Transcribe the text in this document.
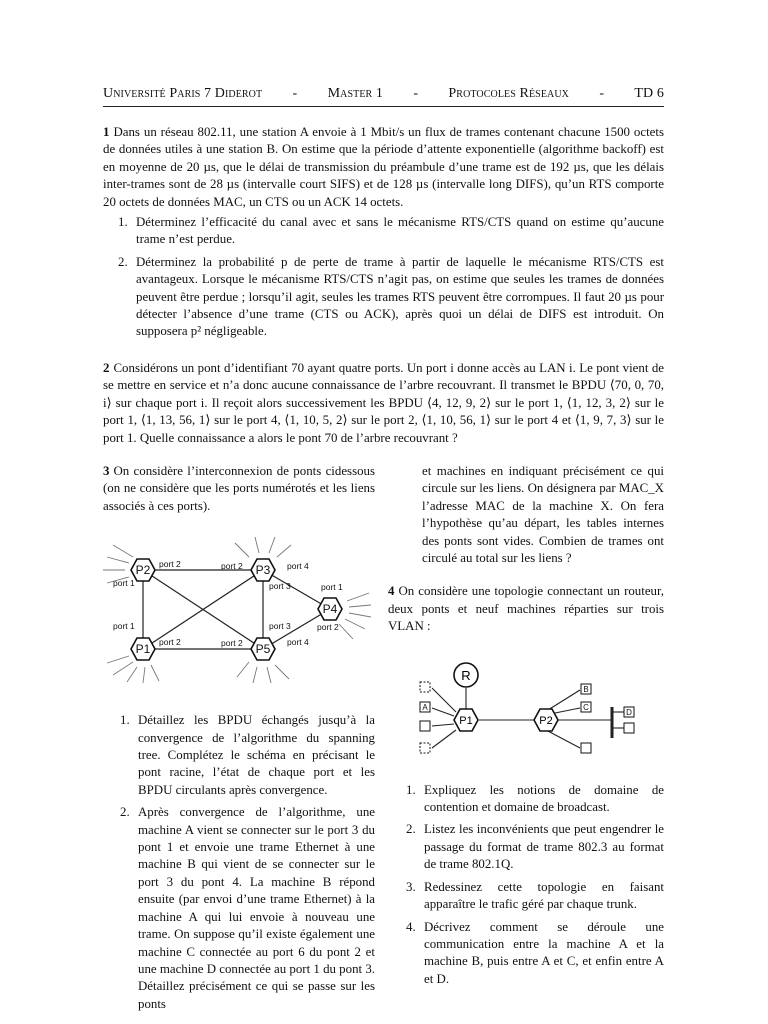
Université Paris 7 Diderot - Master 1 - Protocoles Réseaux - TD 6
1 Dans un réseau 802.11, une station A envoie à 1 Mbit/s un flux de trames contenant chacune 1500 octets de données utiles à une station B. On estime que la période d’attente exponentielle (algorithme backoff) est en moyenne de 20 µs, que le délai de transmission du préambule d’une trame est de 192 µs, que les délais inter-trames sont de 28 µs (intervalle court SIFS) et de 128 µs (intervalle long DIFS), qu’un RTS comporte 20 octets de données MAC, un CTS ou un ACK 14 octets.
1. Déterminez l’efficacité du canal avec et sans le mécanisme RTS/CTS quand on estime qu’aucune trame n’est perdue.
2. Déterminez la probabilité p de perte de trame à partir de laquelle le mécanisme RTS/CTS est avantageux. Lorsque le mécanisme RTS/CTS n’agit pas, on estime que seules les trames de données peuvent être perdue ; lorsqu’il agit, seules les trames RTS peuvent être corrompues. Il faut 20 µs pour détecter l’absence d’une trame (CTS ou ACK), après quoi un délai de DIFS est introduit. On supposera p² négligeable.
2 Considérons un pont d’identifiant 70 ayant quatre ports. Un port i donne accès au LAN i. Le pont vient de se mettre en service et n’a donc aucune connaissance de l’arbre recouvrant. Il transmet le BPDU ⟨70, 0, 70, i⟩ sur chaque port i. Il reçoit alors successivement les BPDU ⟨4, 12, 9, 2⟩ sur le port 1, ⟨1, 12, 3, 2⟩ sur le port 1, ⟨1, 13, 56, 1⟩ sur le port 4, ⟨1, 10, 5, 2⟩ sur le port 2, ⟨1, 10, 56, 1⟩ sur le port 4 et ⟨1, 9, 7, 3⟩ sur le port 1. Quelle connaissance a alors le pont 70 de l’arbre recouvrant ?
3 On considère l’interconnexion de ponts cidessous (on ne considère que les ports numérotés et les liens associés à ces ports).
P2	P3
P4
P1	P5
port 2
port 1
port 2	port 4
port 3	port 1
port 2
port 1
port 2
port 3
port 2	port 4
1. Détaillez les BPDU échangés jusqu’à la convergence de l’algorithme du spanning tree. Complétez le schéma en précisant le pont racine, l’état de chaque port et les BPDU circulants après convergence.
2. Après convergence de l’algorithme, une machine A vient se connecter sur le port 3 du pont 1 et envoie une trame Ethernet à une machine B qui vient de se connecter sur le port 3 du pont 4. La machine B répond ensuite (par envoi d’une trame Ethernet) à la machine A qui lui envoie à nouveau une trame. On suppose qu’il existe également une machine C connectée au port 6 du pont 2 et une machine D connectée au port 1 du pont 3. Détaillez précisément ce qui se passe sur les ponts
et machines en indiquant précisément ce qui circule sur les liens. On désignera par MAC_X l’adresse MAC de la machine X. On fera l’hypothèse qu’au départ, les tables internes des ponts sont vides. Combien de trames ont circulé au total sur les liens ?
4 On considère une topologie connectant un routeur, deux ponts et neuf machines réparties sur trois VLAN :
R
P1	P2
A
B
C
D
1. Expliquez les notions de domaine de contention et domaine de broadcast.
2. Listez les inconvénients que peut engendrer le passage du format de trame 802.3 au format de trame 802.1Q.
3. Redessinez cette topologie en faisant apparaître le trafic géré par chaque trunk.
4. Décrivez comment se déroule une communication entre la machine A et la machine B, puis entre A et C, et enfin entre A et D.
